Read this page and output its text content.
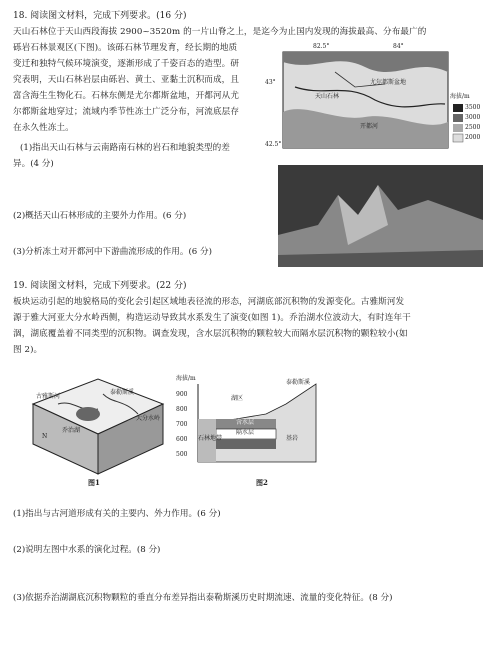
18. 阅读图文材料，完成下列要求。(16 分)
天山石林位于天山西段海拔 2900~3520m 的一片山脊之上，是迄今为止国内发现的海拔最高、分布最广的
砾岩石林景观区(下图)。该砾石林节理发育，经长期的地质
变迁和独特气候环境演变，逐渐形成了千姿百态的造型。研
究表明，天山石林岩层由砾岩、黄土、亚黏土沉积而成，且
富含海生生物化石。石林东侧是尤尔都斯盆地，开都河从尤
尔都斯盆地穿过；流域内季节性冻土广泛分布，河流底层存
在永久性冻土。
(1)指出天山石林与云南路南石林的岩石和地貌类型的差
异。(4 分)
(2)概括天山石林形成的主要外力作用。(6 分)
(3)分析冻土对开都河中下游曲流形成的作用。(6 分)
82.5°	84°
43°
42.5°
天山石林
开都河
尤尔都斯盆地
海拔/m
3500
3000
2500
2000
19. 阅读图文材料，完成下列要求。(22 分)
板块运动引起的地貌格局的变化会引起区域地表径流的形态，河湖底部沉积物的发源变化。古雅斯河发
源于雅大河亚大分水岭西侧，构造运动导致其水系发生了演变(如图 1)。乔治湖水位波动大，有时连年干
涸，湖底覆盖着不同类型的沉积物。调查发现，含水层沉积物的颗粒较大而隔水层沉积物的颗粒较小(如
图 2)。
古雅斯河
泰勒斯溪
大分水岭
乔治湖
N
图1
海拔/m
900
800
700
600
500
湖区
泰勒斯溪
含水层
隔水层
基岩
石林地带
图2
(1)指出与古河道形成有关的主要内、外力作用。(6 分)
(2)说明左图中水系的演化过程。(8 分)
(3)依据乔治湖湖底沉积物颗粒的垂直分布差异指出泰勒斯溪历史时期流速、流量的变化特征。(8 分)
